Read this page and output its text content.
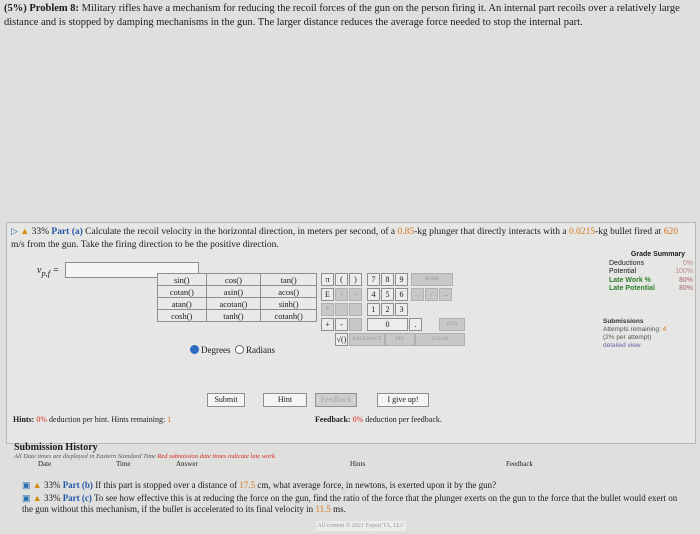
(5%) Problem 8: Military rifles have a mechanism for reducing the recoil forces of the gun on the person firing it. An internal part recoils over a relatively large distance and is stopped by damping mechanisms in the gun. The larger distance reduces the average force needed to stop the internal part.
▷ ▲ 33% Part (a) Calculate the recoil velocity in the horizontal direction, in meters per second, of a 0.85-kg plunger that directly interacts with a 0.0215-kg bullet fired at 620 m/s from the gun. Take the firing direction to be the positive direction.
$v_{p,f}$ =
Grade Summary
Deductions	0%
Potential	100%
Late Work %	80%
Late Potential	80%
Submissions
Attempts remaining: 4
(2% per attempt)
detailed view
sin()	cos()	tan()
cotan()	asin()	acos()
atan()	acotan()	sinh()
cosh()	tanh()	cotanh()
π	(	)	7	8	9	HOME
E	↑	^	4	5	6	←	/	→
*	1	2	3
+	-	0	.	END
√()	BACKSPACE	DEL	CLEAR
Degrees Radians
Submit	Hint	Feedback	I give up!
Hints: 0% deduction per hint. Hints remaining: 1	Feedback: 0% deduction per feedback.
Submission History
All Date times are displayed in Eastern Standard Time Red submission date times indicate late work.
Date	Time	Answer	Hints	Feedback
▣ ▲ 33% Part (b) If this part is stopped over a distance of 17.5 cm, what average force, in newtons, is exerted upon it by the gun?
▣ ▲ 33% Part (c) To see how effective this is at reducing the force on the gun, find the ratio of the force that the plunger exerts on the gun to the force that the bullet would exert on the gun without this mechanism, if the bullet is accelerated to its final velocity in 11.5 ms.
All content © 2021 Expert TA, LLC
